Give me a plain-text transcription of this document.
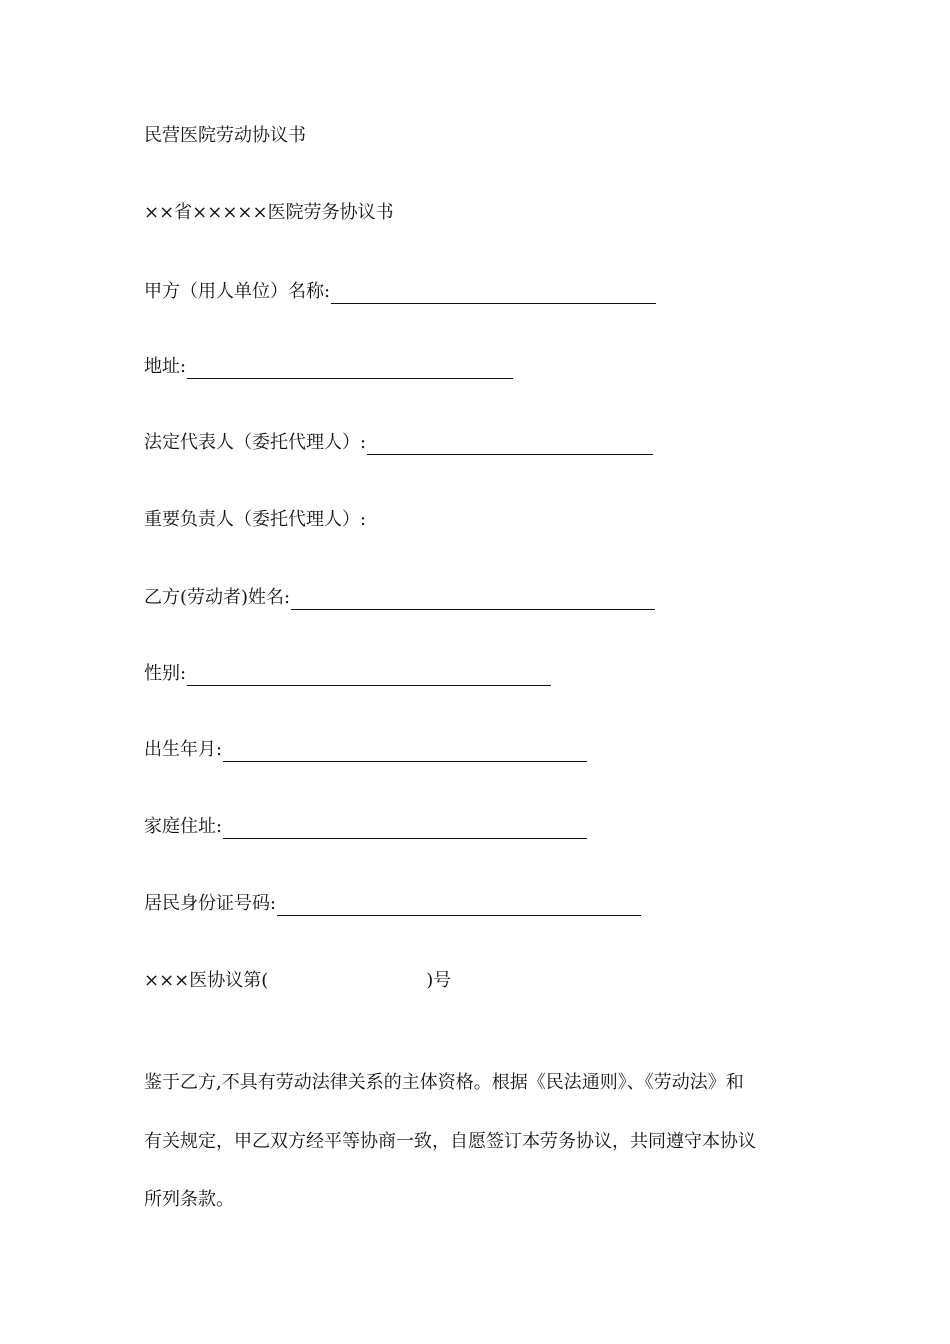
民营医院劳动协议书
××省×××××医院劳务协议书
甲方（用人单位）名称:
地址:
法定代表人（委托代理人）:
重要负责人（委托代理人）:
乙方(劳动者)姓名:
性别:
出生年月:
家庭住址:
居民身份证号码:
×××医协议第(	)号
鉴于乙方,不具有劳动法律关系的主体资格。根据《民法通则》、《劳动法》和
有关规定，甲乙双方经平等协商一致，自愿签订本劳务协议，共同遵守本协议
所列条款。
